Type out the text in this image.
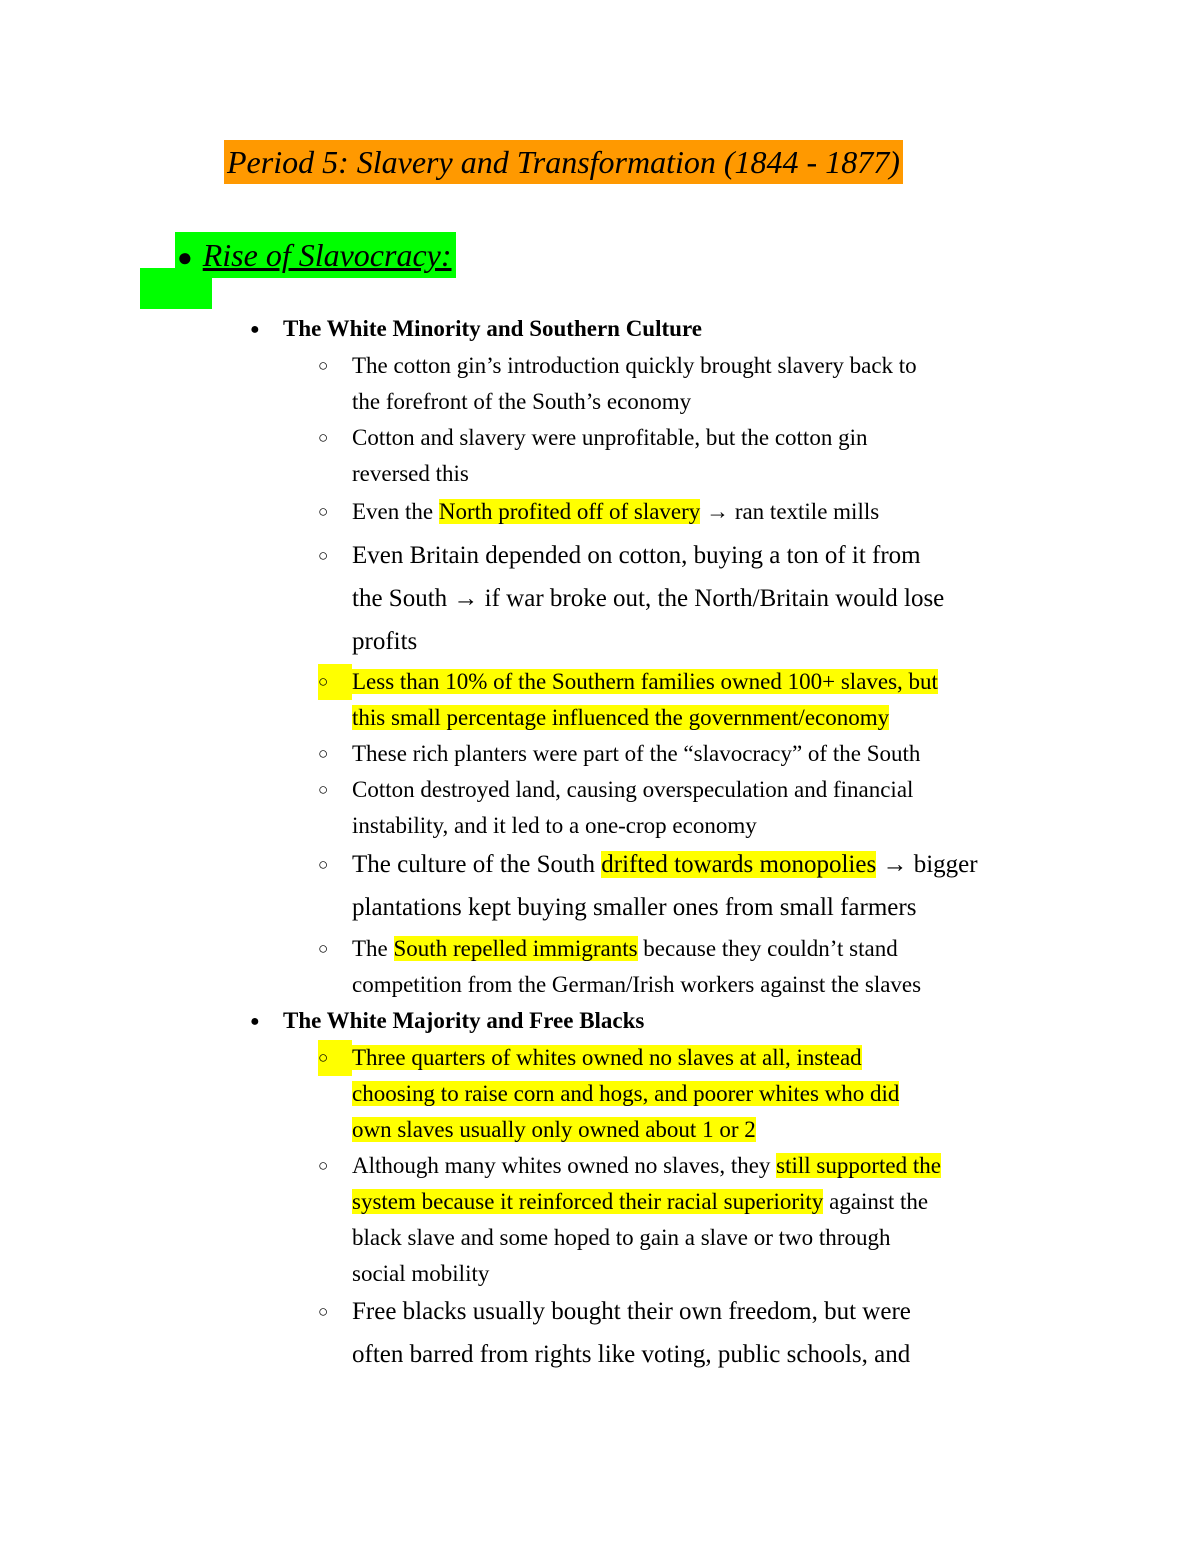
Period 5: Slavery and Transformation (1844 - 1877)
● Rise of Slavocracy:
● The White Minority and Southern Culture
○	The cotton gin’s introduction quickly brought slavery back to
the forefront of the South’s economy
○	Cotton and slavery were unprofitable, but the cotton gin
reversed this
○	Even the North profited off of slavery → ran textile mills
○ Even Britain depended on cotton, buying a ton of it from
the South → if war broke out, the North/Britain would lose
profits
○	Less than 10% of the Southern families owned 100+ slaves, but
this small percentage influenced the government/economy
○	These rich planters were part of the “slavocracy” of the South
○	Cotton destroyed land, causing overspeculation and financial
instability, and it led to a one-crop economy
○ The culture of the South drifted towards monopolies → bigger
plantations kept buying smaller ones from small farmers
○	The South repelled immigrants because they couldn’t stand
competition from the German/Irish workers against the slaves
● The White Majority and Free Blacks
○	Three quarters of whites owned no slaves at all, instead
choosing to raise corn and hogs, and poorer whites who did
own slaves usually only owned about 1 or 2
○	Although many whites owned no slaves, they still supported the
system because it reinforced their racial superiority against the
black slave and some hoped to gain a slave or two through
social mobility
○ Free blacks usually bought their own freedom, but were
often barred from rights like voting, public schools, and
